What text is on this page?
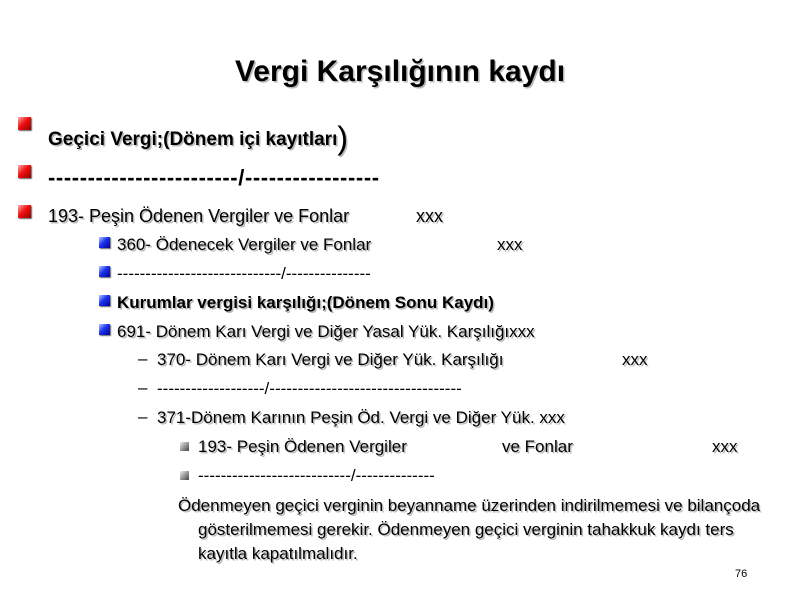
Vergi Karşılığının kaydı
Geçici Vergi;(Dönem içi kayıtları)
------------------------/-----------------
193- Peşin Ödenen Vergiler ve Fonlar	xxx
360- Ödenecek Vergiler ve Fonlar	xxx
-----------------------------/---------------
Kurumlar vergisi karşılığı;(Dönem Sonu Kaydı)
691- Dönem Karı Vergi ve Diğer Yasal Yük. Karşılığıxxx
– 370- Dönem Karı Vergi ve Diğer Yük. Karşılığı	xxx
– -------------------/----------------------------------
– 371-Dönem Karının Peşin Öd. Vergi ve Diğer Yük. xxx
193- Peşin Ödenen Vergiler	ve Fonlar	xxx
---------------------------/--------------
Ödenmeyen geçici verginin beyanname üzerinden indirilmemesi ve bilançoda gösterilmemesi gerekir. Ödenmeyen geçici verginin tahakkuk kaydı ters kayıtla kapatılmalıdır.
76
